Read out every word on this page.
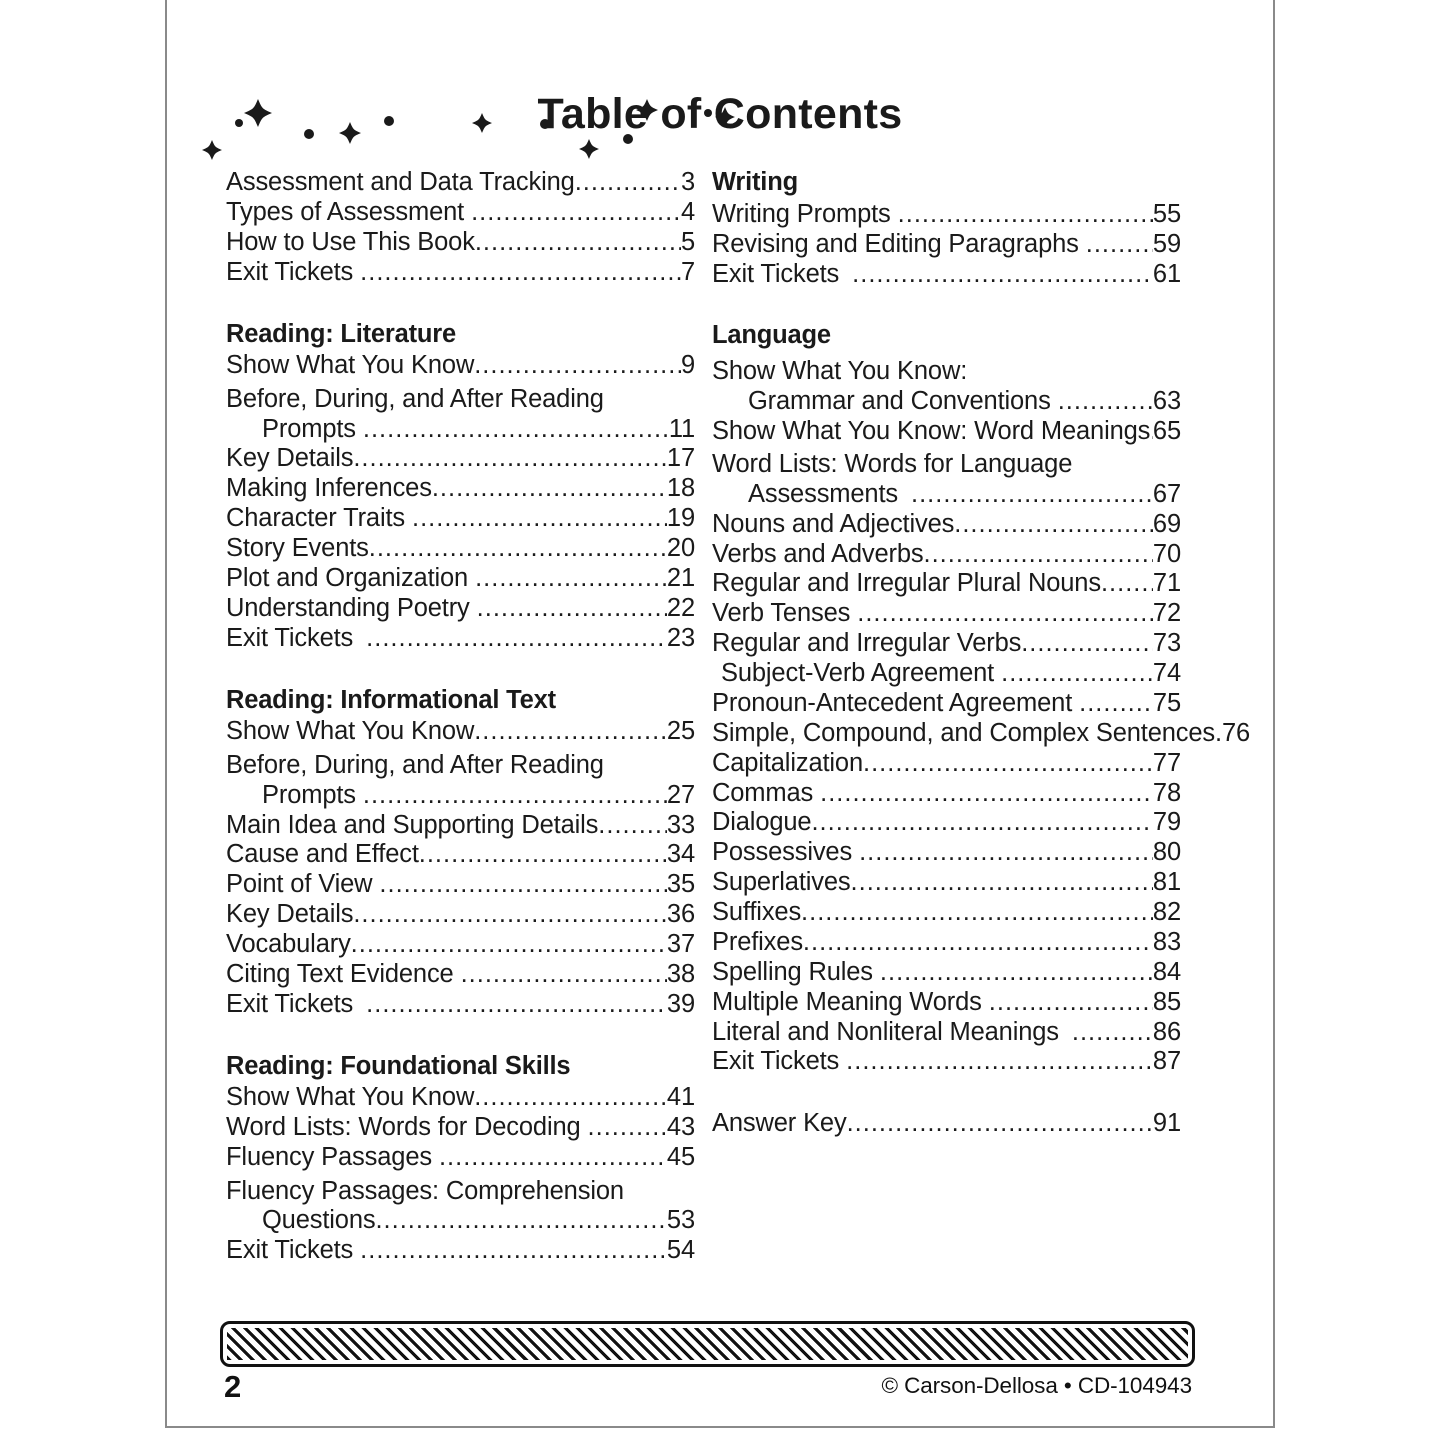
Table of Contents
Assessment and Data Tracking .....	3
Types of Assessment .....	4
How to Use This Book .....	5
Exit Tickets .....	7
Reading: Literature
Show What You Know .....	9
Before, During, and After Reading
Prompts .....	11
Key Details .....	17
Making Inferences .....	18
Character Traits .....	19
Story Events .....	20
Plot and Organization .....	21
Understanding Poetry .....	22
Exit Tickets .....	23
Reading: Informational Text
Show What You Know .....	25
Before, During, and After Reading
Prompts .....	27
Main Idea and Supporting Details .....	33
Cause and Effect .....	34
Point of View .....	35
Key Details .....	36
Vocabulary .....	37
Citing Text Evidence .....	38
Exit Tickets .....	39
Reading: Foundational Skills
Show What You Know .....	41
Word Lists: Words for Decoding .....	43
Fluency Passages .....	45
Fluency Passages: Comprehension
Questions .....	53
Exit Tickets .....	54
Writing
Writing Prompts .....	55
Revising and Editing Paragraphs .....	59
Exit Tickets .....	61
Language
Show What You Know:
Grammar and Conventions .....	63
Show What You Know: Word Meanings ..... 65
Word Lists: Words for Language
Assessments .....	67
Nouns and Adjectives .....	69
Verbs and Adverbs .....	70
Regular and Irregular Plural Nouns ..... 71
Verb Tenses .....	72
Regular and Irregular Verbs .....	73
Subject-Verb Agreement .....	74
Pronoun-Antecedent Agreement .....	75
Simple, Compound, and Complex Sentences. 76
Capitalization .....	77
Commas .....	78
Dialogue .....	79
Possessives .....	80
Superlatives .....	81
Suffixes .....	82
Prefixes .....	83
Spelling Rules .....	84
Multiple Meaning Words .....	85
Literal and Nonliteral Meanings .....	86
Exit Tickets .....	87
Answer Key .....	91
2	© Carson-Dellosa • CD-104943
